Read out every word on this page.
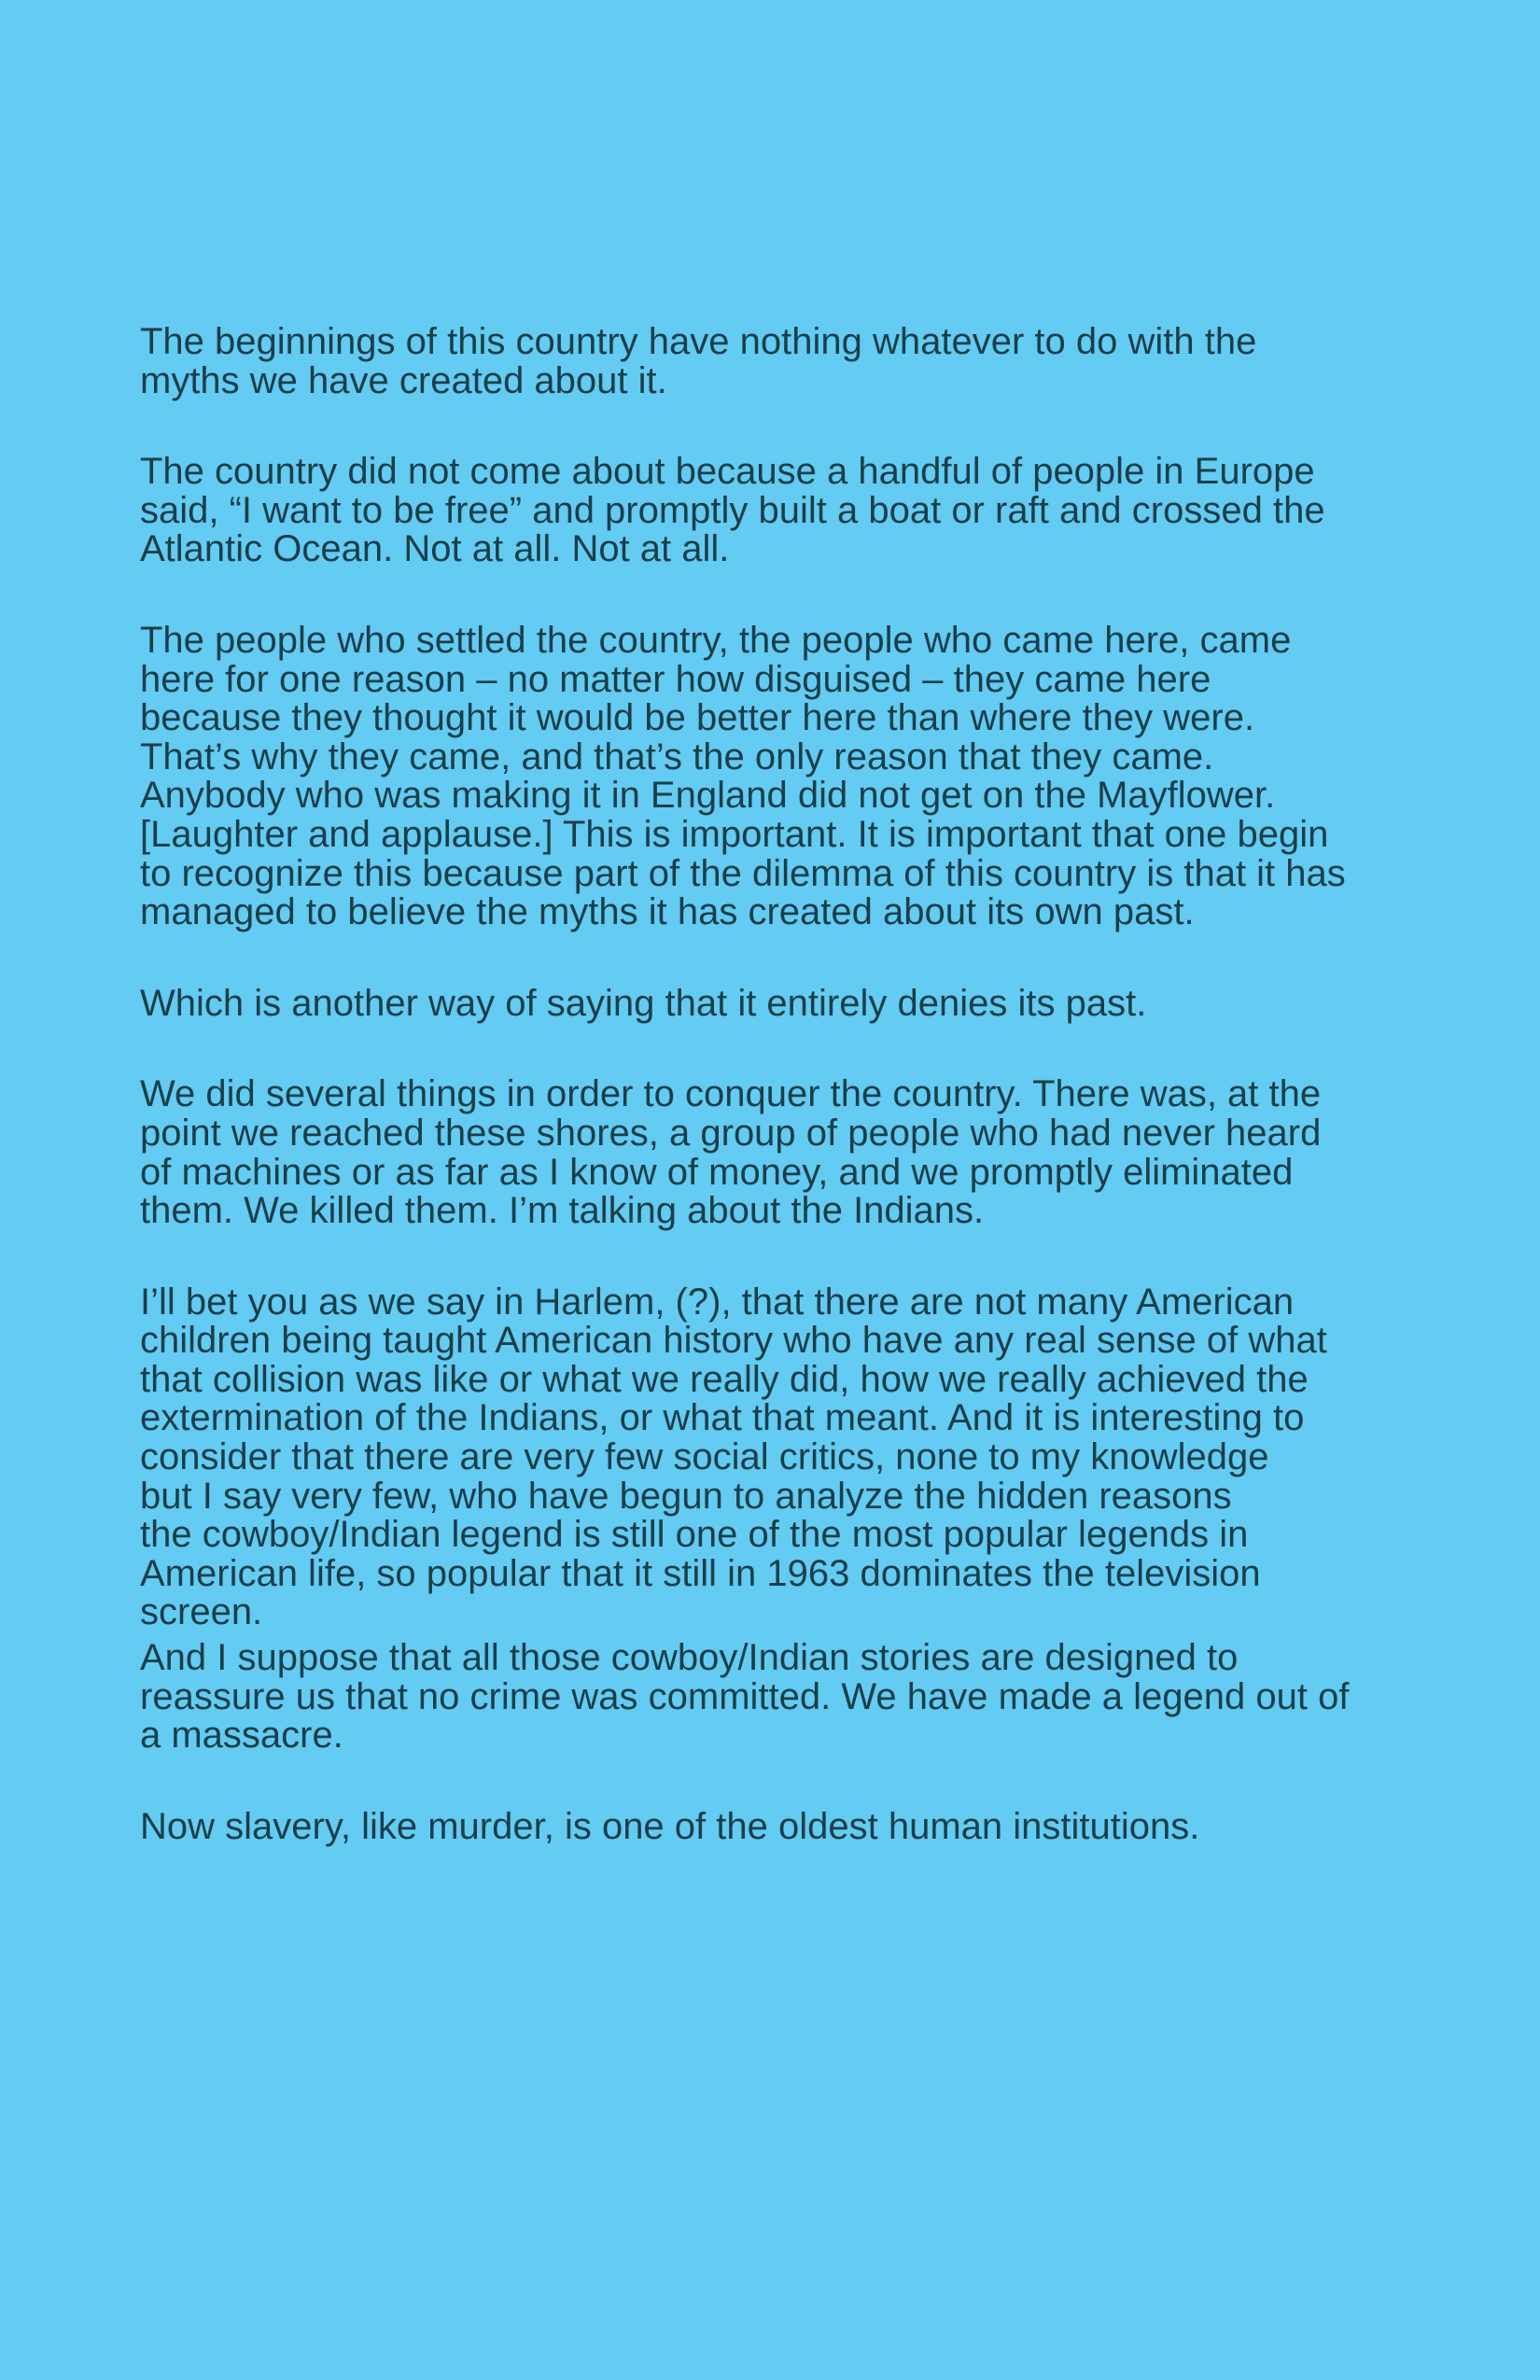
The beginnings of this country have nothing whatever to do with the
myths we have created about it.

The country did not come about because a handful of people in Europe
said, “I want to be free” and promptly built a boat or raft and crossed the
Atlantic Ocean. Not at all. Not at all.

The people who settled the country, the people who came here, came
here for one reason – no matter how disguised – they came here
because they thought it would be better here than where they were.
That’s why they came, and that’s the only reason that they came.
Anybody who was making it in England did not get on the Mayflower.
[Laughter and applause.] This is important. It is important that one begin
to recognize this because part of the dilemma of this country is that it has
managed to believe the myths it has created about its own past.

Which is another way of saying that it entirely denies its past.

We did several things in order to conquer the country. There was, at the
point we reached these shores, a group of people who had never heard
of machines or as far as I know of money, and we promptly eliminated
them. We killed them. I’m talking about the Indians.

I’ll bet you as we say in Harlem, (?), that there are not many American
children being taught American history who have any real sense of what
that collision was like or what we really did, how we really achieved the
extermination of the Indians, or what that meant. And it is interesting to
consider that there are very few social critics, none to my knowledge
but I say very few, who have begun to analyze the hidden reasons
the cowboy/Indian legend is still one of the most popular legends in
American life, so popular that it still in 1963 dominates the television
screen.

And I suppose that all those cowboy/Indian stories are designed to
reassure us that no crime was committed. We have made a legend out of
a massacre.

Now slavery, like murder, is one of the oldest human institutions.
